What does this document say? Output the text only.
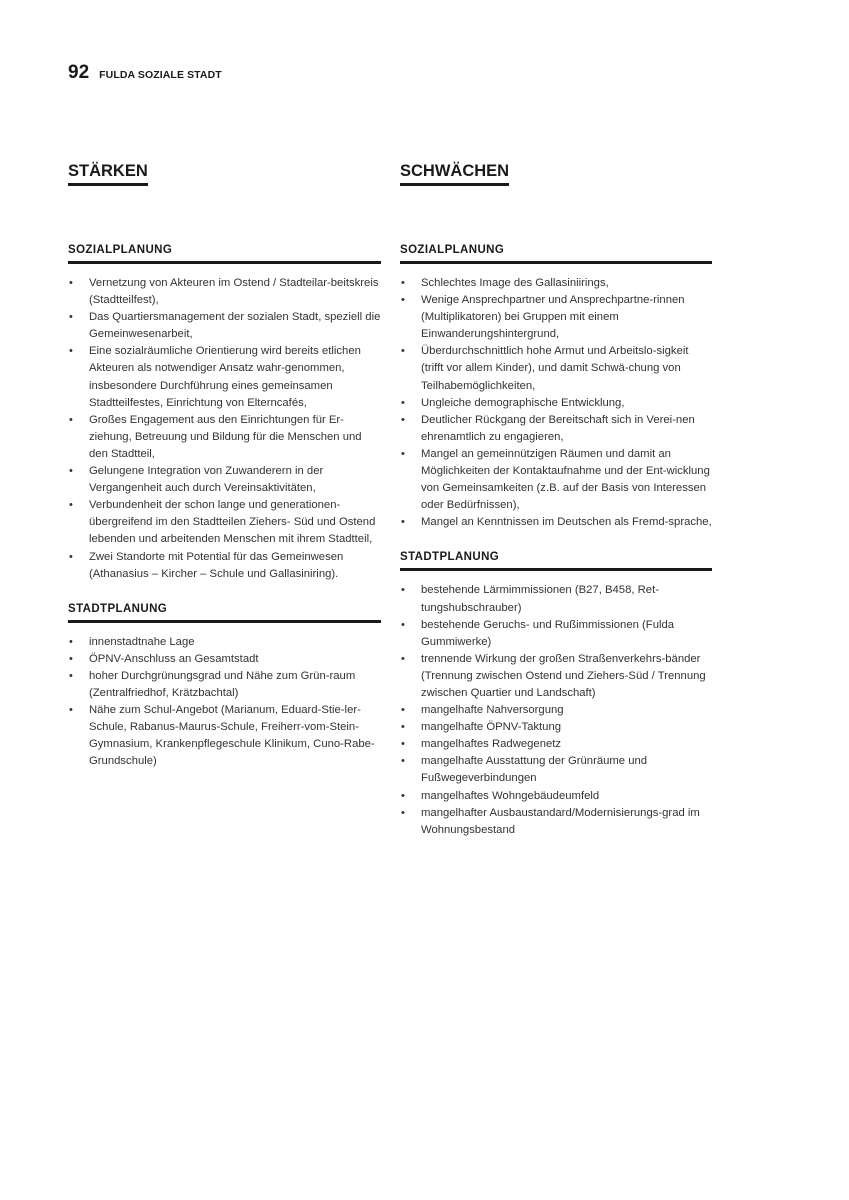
92 FULDA SOZIALE STADT
STÄRKEN
SOZIALPLANUNG
• Vernetzung von Akteuren im Ostend / Stadteilar-beitskreis (Stadtteilfest),
• Das Quartiersmanagement der sozialen Stadt, speziell die Gemeinwesenarbeit,
• Eine sozialräumliche Orientierung wird bereits etlichen Akteuren als notwendiger Ansatz wahr-genommen, insbesondere Durchführung eines gemeinsamen Stadtteilfestes, Einrichtung von Elterncafés,
• Großes Engagement aus den Einrichtungen für Er-ziehung, Betreuung und Bildung für die Menschen und den Stadtteil,
• Gelungene Integration von Zuwanderern in der Vergangenheit auch durch Vereinsaktivitäten,
• Verbundenheit der schon lange und generationen-übergreifend im den Stadtteilen Ziehers- Süd und Ostend lebenden und arbeitenden Menschen mit ihrem Stadtteil,
• Zwei Standorte mit Potential für das Gemeinwesen (Athanasius – Kircher – Schule und Gallasiniring).
STADTPLANUNG
• innenstadtnahe Lage
• ÖPNV-Anschluss an Gesamtstadt
• hoher Durchgrünungsgrad und Nähe zum Grün-raum (Zentralfriedhof, Krätzbachtal)
• Nähe zum Schul-Angebot (Marianum, Eduard-Stie-ler-Schule, Rabanus-Maurus-Schule, Freiherr-vom-Stein-Gymnasium, Krankenpflegeschule Klinikum, Cuno-Rabe-Grundschule)
SCHWÄCHEN
SOZIALPLANUNG
• Schlechtes Image des Gallasiniirings,
• Wenige Ansprechpartner und Ansprechpartne-rinnen (Multiplikatoren) bei Gruppen mit einem Einwanderungshintergrund,
• Überdurchschnittlich hohe Armut und Arbeitslo-sigkeit (trifft vor allem Kinder), und damit Schwä-chung von Teilhabemöglichkeiten,
• Ungleiche demographische Entwicklung,
• Deutlicher Rückgang der Bereitschaft sich in Verei-nen ehrenamtlich zu engagieren,
• Mangel an gemeinnützigen Räumen und damit an Möglichkeiten der Kontaktaufnahme und der Ent-wicklung von Gemeinsamkeiten (z.B. auf der Basis von Interessen oder Bedürfnissen),
• Mangel an Kenntnissen im Deutschen als Fremd-sprache,
STADTPLANUNG
• bestehende Lärmimmissionen (B27, B458, Ret-tungshubschrauber)
• bestehende Geruchs- und Rußimmissionen (Fulda Gummiwerke)
• trennende Wirkung der großen Straßenverkehrs-bänder (Trennung zwischen Ostend und Ziehers-Süd / Trennung zwischen Quartier und Landschaft)
• mangelhafte Nahversorgung
• mangelhafte ÖPNV-Taktung
• mangelhaftes Radwegenetz
• mangelhafte Ausstattung der Grünräume und Fußwegeverbindungen
• mangelhaftes Wohngebäudeumfeld
• mangelhafter Ausbaustandard/Modernisierungs-grad im Wohnungsbestand
